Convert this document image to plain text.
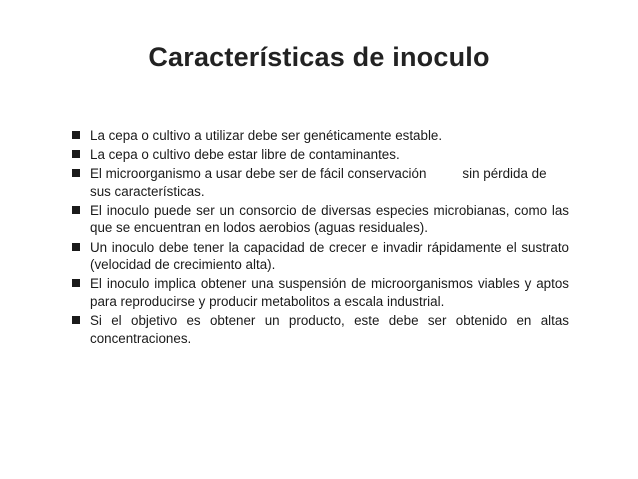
Características de inoculo
La cepa o cultivo a utilizar debe ser genéticamente estable.
La cepa o cultivo debe estar libre de contaminantes.
El microorganismo a usar debe ser de fácil conservación	sin pérdida de sus características.
El inoculo puede ser un consorcio de diversas especies microbianas, como las que se encuentran en lodos aerobios (aguas residuales).
Un inoculo debe tener la capacidad de crecer e invadir rápidamente el sustrato (velocidad de crecimiento alta).
El inoculo implica obtener una suspensión de microorganismos viables y aptos para reproducirse y producir metabolitos a escala industrial.
Si el objetivo es obtener un producto, este debe ser obtenido en altas concentraciones.
